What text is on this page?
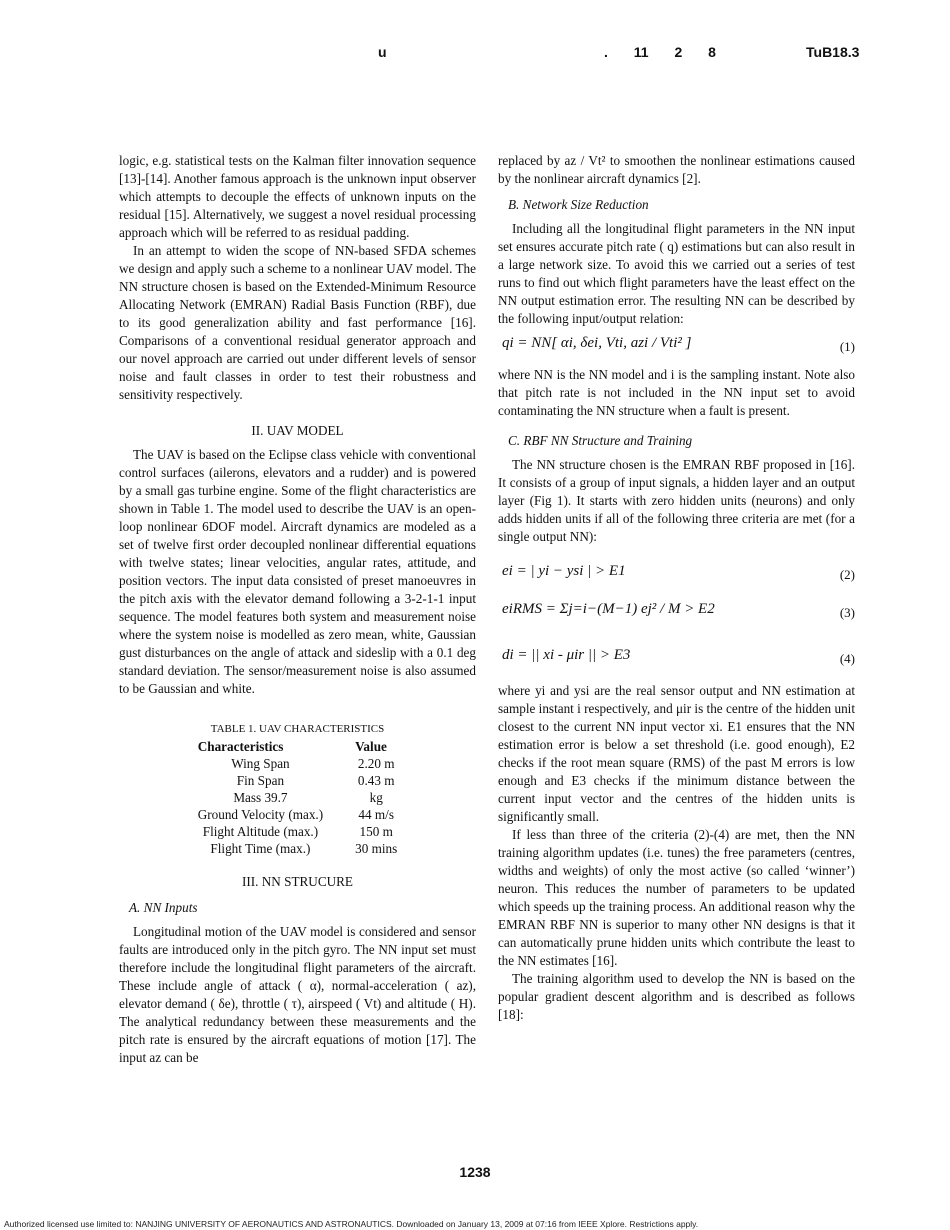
u	. 11 2 8	TuB18.3

logic, e.g. statistical tests on the Kalman filter innovation sequence [13]-[14]. Another famous approach is the unknown input observer which attempts to decouple the effects of unknown inputs on the residual [15]. Alternatively, we suggest a novel residual processing approach which will be referred to as residual padding.

In an attempt to widen the scope of NN-based SFDA schemes we design and apply such a scheme to a nonlinear UAV model. The NN structure chosen is based on the Extended-Minimum Resource Allocating Network (EMRAN) Radial Basis Function (RBF), due to its good generalization ability and fast performance [16]. Comparisons of a conventional residual generator approach and our novel approach are carried out under different levels of sensor noise and fault classes in order to test their robustness and sensitivity respectively.

II. UAV MODEL

The UAV is based on the Eclipse class vehicle with conventional control surfaces (ailerons, elevators and a rudder) and is powered by a small gas turbine engine. Some of the flight characteristics are shown in Table 1. The model used to describe the UAV is an open-loop nonlinear 6DOF model. Aircraft dynamics are modeled as a set of twelve first order decoupled nonlinear differential equations with twelve states; linear velocities, angular rates, attitude, and position vectors. The input data consisted of preset manoeuvres in the pitch axis with the elevator demand following a 3-2-1-1 input sequence. The model features both system and measurement noise where the system noise is modelled as zero mean, white, Gaussian gust disturbances on the angle of attack and sideslip with a 0.1 deg standard deviation. The sensor/measurement noise is also assumed to be Gaussian and white.

TABLE 1. UAV CHARACTERISTICS
Characteristics	Value
Wing Span	2.20 m
Fin Span	0.43 m
Mass 39.7	kg
Ground Velocity (max.)	44 m/s
Flight Altitude (max.)	150 m
Flight Time (max.)	30 mins
III. NN STRUCURE
A. NN Inputs

Longitudinal motion of the UAV model is considered and sensor faults are introduced only in the pitch gyro. The NN input set must therefore include the longitudinal flight parameters of the aircraft. These include angle of attack ( α), normal-acceleration ( az), elevator demand ( δe), throttle ( τ), airspeed ( Vt) and altitude ( H). The analytical redundancy between these measurements and the pitch rate is ensured by the aircraft equations of motion [17]. The input az can be

replaced by az / Vt² to smoothen the nonlinear estimations caused by the nonlinear aircraft dynamics [2].

B. Network Size Reduction

Including all the longitudinal flight parameters in the NN input set ensures accurate pitch rate ( q) estimations but can also result in a large network size. To avoid this we carried out a series of test runs to find out which flight parameters have the least effect on the NN output estimation error. The resulting NN can be described by the following input/output relation:

qi = NN[ αi, δei, Vti, azi / Vti² ]	(1)

where NN is the NN model and i is the sampling instant. Note also that pitch rate is not included in the NN input set to avoid contaminating the NN structure when a fault is present.

C. RBF NN Structure and Training

The NN structure chosen is the EMRAN RBF proposed in [16]. It consists of a group of input signals, a hidden layer and an output layer (Fig 1). It starts with zero hidden units (neurons) and only adds hidden units if all of the following three criteria are met (for a single output NN):

ei = | yi − ysi | > E1	(2)
eiRMS = Σj=i−(M−1) ej² / M > E2	(3)
di = || xi - μir || > E3	(4)

where yi and ysi are the real sensor output and NN estimation at sample instant i respectively, and μir is the centre of the hidden unit closest to the current NN input vector xi. E1 ensures that the NN estimation error is below a set threshold (i.e. good enough), E2 checks if the root mean square (RMS) of the past M errors is low enough and E3 checks if the minimum distance between the current input vector and the centres of the hidden units is significantly small.

If less than three of the criteria (2)-(4) are met, then the NN training algorithm updates (i.e. tunes) the free parameters (centres, widths and weights) of only the most active (so called ‘winner’) neuron. This reduces the number of parameters to be updated which speeds up the training process. An additional reason why the EMRAN RBF NN is superior to many other NN designs is that it can automatically prune hidden units which contribute the least to the NN estimates [16].

The training algorithm used to develop the NN is based on the popular gradient descent algorithm and is described as follows [18]:

1238
Authorized licensed use limited to: NANJING UNIVERSITY OF AERONAUTICS AND ASTRONAUTICS. Downloaded on January 13, 2009 at 07:16 from IEEE Xplore. Restrictions apply.
